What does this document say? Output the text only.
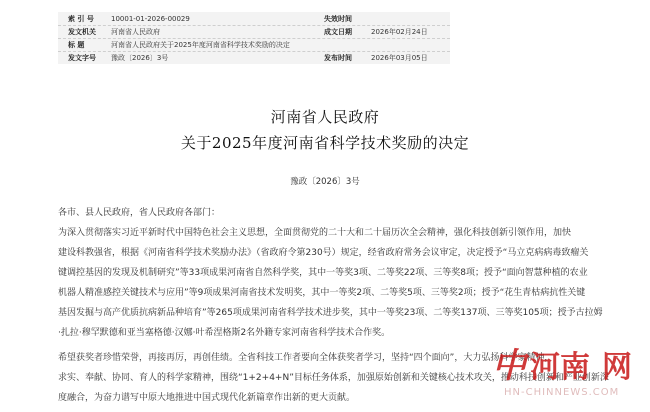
索 引 号	10001-01-2026-00029	失效时间
发文机关	河南省人民政府	成文日期	2026年02月24日
标 题	河南省人民政府关于2025年度河南省科学技术奖励的决定
发文字号	豫政〔2026〕3号	发布时间	2026年03月05日
河南省人民政府
关于2025年度河南省科学技术奖励的决定
豫政〔2026〕3号
各市、县人民政府，省人民政府各部门：
为深入贯彻落实习近平新时代中国特色社会主义思想，全面贯彻党的二十大和二十届历次全会精神，强化科技创新引领作用，加快
建设科教强省，根据《河南省科学技术奖励办法》（省政府令第230号）规定，经省政府常务会议审定，决定授予“马立克病病毒致瘤关
键调控基因的发现及机制研究”等33项成果河南省自然科学奖，其中一等奖3项、二等奖22项、三等奖8项；授予“面向智慧种植的农业
机器人精准感控关键技术与应用”等9项成果河南省技术发明奖，其中一等奖2项、二等奖5项、三等奖2项；授予“花生青枯病抗性关键
基因发掘与高产优质抗病新品种培育”等265项成果河南省科学技术进步奖，其中一等奖23项、二等奖137项、三等奖105项；授予古拉姆
·扎拉·穆罕默德和亚当塞格德·汉娜·叶希涅格斯2名外籍专家河南省科学技术合作奖。
希望获奖者珍惜荣誉，再接再厉，再创佳绩。全省科技工作者要向全体获奖者学习，坚持“四个面向”，大力弘扬科学家精神，
求实、奉献、协同、育人的科学家精神，围绕“1+2+4+N”目标任务体系，加强原始创新和关键核心技术攻关，推动科技创新和产业创新深
度融合，为奋力谱写中原大地推进中国式现代化新篇章作出新的更大贡献。
中 河南 网
HN-CHINNEWS.COM
